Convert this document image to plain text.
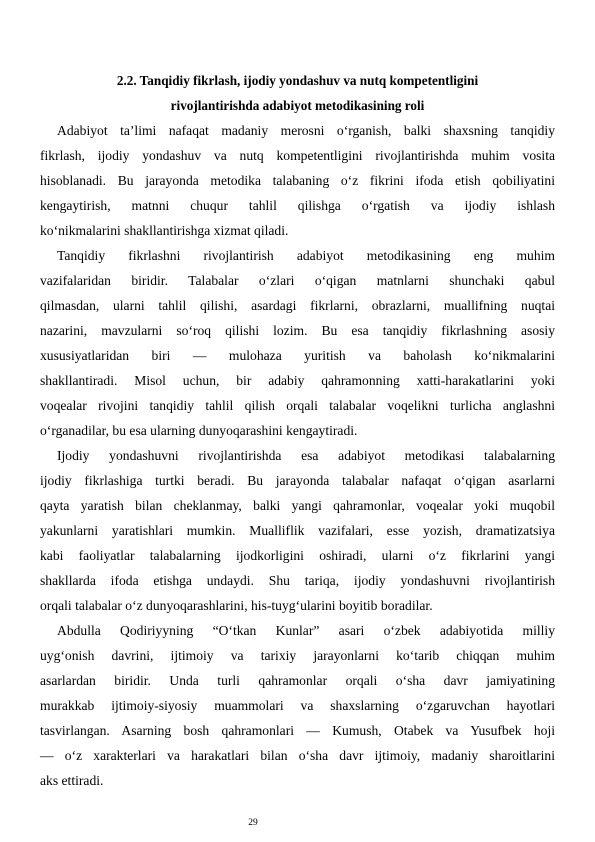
2.2. Tanqidiy fikrlash, ijodiy yondashuv va nutq kompetentligini
rivojlantirishda adabiyot metodikasining roli
Adabiyot ta’limi nafaqat madaniy merosni o‘rganish, balki shaxsning tanqidiy
fikrlash, ijodiy yondashuv va nutq kompetentligini rivojlantirishda muhim vosita
hisoblanadi. Bu jarayonda metodika talabaning o‘z fikrini ifoda etish qobiliyatini
kengaytirish, matnni chuqur tahlil qilishga o‘rgatish va ijodiy ishlash
ko‘nikmalarini shakllantirishga xizmat qiladi.
Tanqidiy fikrlashni rivojlantirish adabiyot metodikasining eng muhim
vazifalaridan biridir. Talabalar o‘zlari o‘qigan matnlarni shunchaki qabul
qilmasdan, ularni tahlil qilishi, asardagi fikrlarni, obrazlarni, muallifning nuqtai
nazarini, mavzularni so‘roq qilishi lozim. Bu esa tanqidiy fikrlashning asosiy
xususiyatlaridan biri — mulohaza yuritish va baholash ko‘nikmalarini
shakllantiradi. Misol uchun, bir adabiy qahramonning xatti-harakatlarini yoki
voqealar rivojini tanqidiy tahlil qilish orqali talabalar voqelikni turlicha anglashni
o‘rganadilar, bu esa ularning dunyoqarashini kengaytiradi.
Ijodiy yondashuvni rivojlantirishda esa adabiyot metodikasi talabalarning
ijodiy fikrlashiga turtki beradi. Bu jarayonda talabalar nafaqat o‘qigan asarlarni
qayta yaratish bilan cheklanmay, balki yangi qahramonlar, voqealar yoki muqobil
yakunlarni yaratishlari mumkin. Mualliflik vazifalari, esse yozish, dramatizatsiya
kabi faoliyatlar talabalarning ijodkorligini oshiradi, ularni o‘z fikrlarini yangi
shakllarda ifoda etishga undaydi. Shu tariqa, ijodiy yondashuvni rivojlantirish
orqali talabalar o‘z dunyoqarashlarini, his-tuyg‘ularini boyitib boradilar.
Abdulla Qodiriyyning “O‘tkan Kunlar” asari o‘zbek adabiyotida milliy
uyg‘onish davrini, ijtimoiy va tarixiy jarayonlarni ko‘tarib chiqqan muhim
asarlardan biridir. Unda turli qahramonlar orqali o‘sha davr jamiyatining
murakkab ijtimoiy-siyosiy muammolari va shaxslarning o‘zgaruvchan hayotlari
tasvirlangan. Asarning bosh qahramonlari — Kumush, Otabek va Yusufbek hoji
— o‘z xarakterlari va harakatlari bilan o‘sha davr ijtimoiy, madaniy sharoitlarini
aks ettiradi.
29
